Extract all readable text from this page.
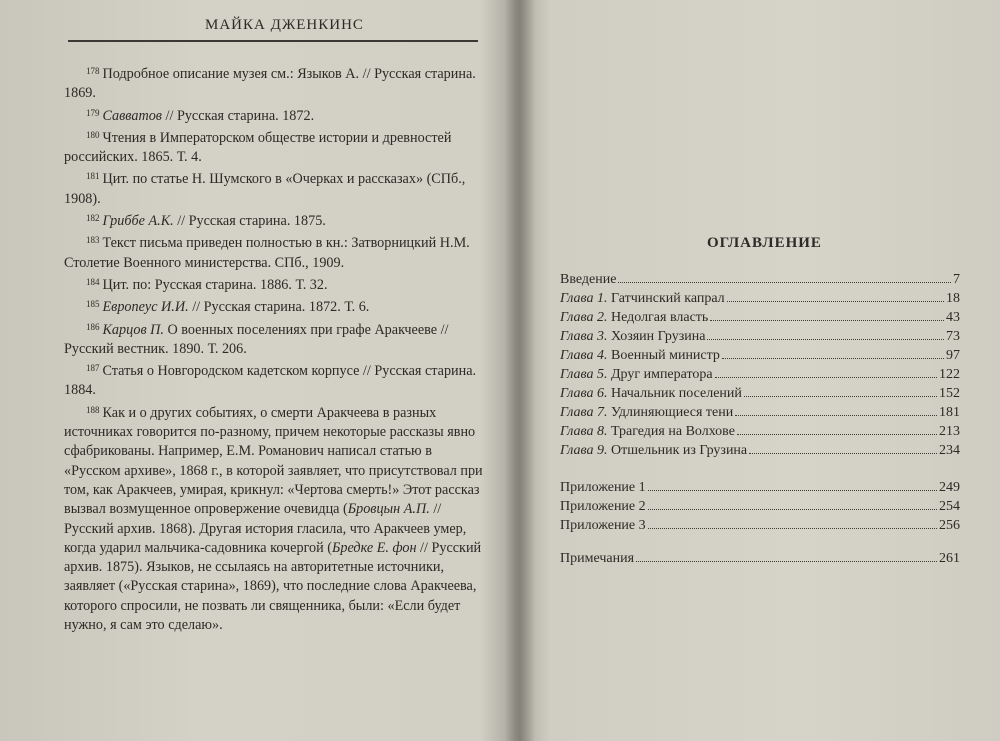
МАЙКА ДЖЕНКИНС

$^{178}$ Подробное описание музея см.: Языков А. // Русская старина. 1869.

$^{179}$ Савватов // Русская старина. 1872.

$^{180}$ Чтения в Императорском обществе истории и древностей российских. 1865. Т. 4.

$^{181}$ Цит. по статье Н. Шумского в «Очерках и рассказах» (СПб., 1908).

$^{182}$ Гриббе А.К. // Русская старина. 1875.

$^{183}$ Текст письма приведен полностью в кн.: Затворницкий Н.М. Столетие Военного министерства. СПб., 1909.

$^{184}$ Цит. по: Русская старина. 1886. Т. 32.

$^{185}$ Европеус И.И. // Русская старина. 1872. Т. 6.

$^{186}$ Карцов П. О военных поселениях при графе Аракчееве // Русский вестник. 1890. Т. 206.

$^{187}$ Статья о Новгородском кадетском корпусе // Русская старина. 1884.

$^{188}$ Как и о других событиях, о смерти Аракчеева в разных источниках говорится по-разному, причем некоторые рассказы явно сфабрикованы. Например, Е.М. Романович написал статью в «Русском архиве», 1868 г., в которой заявляет, что присутствовал при том, как Аракчеев, умирая, крикнул: «Чертова смерть!» Этот рассказ вызвал возмущенное опровержение очевидца (Бровцын А.П. // Русский архив. 1868). Другая история гласила, что Аракчеев умер, когда ударил мальчика-садовника кочергой (Бредке Е. фон // Русский архив. 1875). Языков, не ссылаясь на авторитетные источники, заявляет («Русская старина», 1869), что последние слова Аракчеева, которого спросили, не позвать ли священника, были: «Если будет нужно, я сам это сделаю».

ОГЛАВЛЕНИЕ
Введение	7
Глава 1. Гатчинский капрал	18
Глава 2. Недолгая власть	43
Глава 3. Хозяин Грузина	73
Глава 4. Военный министр	97
Глава 5. Друг императора	122
Глава 6. Начальник поселений	152
Глава 7. Удлиняющиеся тени	181
Глава 8. Трагедия на Волхове	213
Глава 9. Отшельник из Грузина	234
Приложение 1	249
Приложение 2	254
Приложение 3	256
Примечания	261
